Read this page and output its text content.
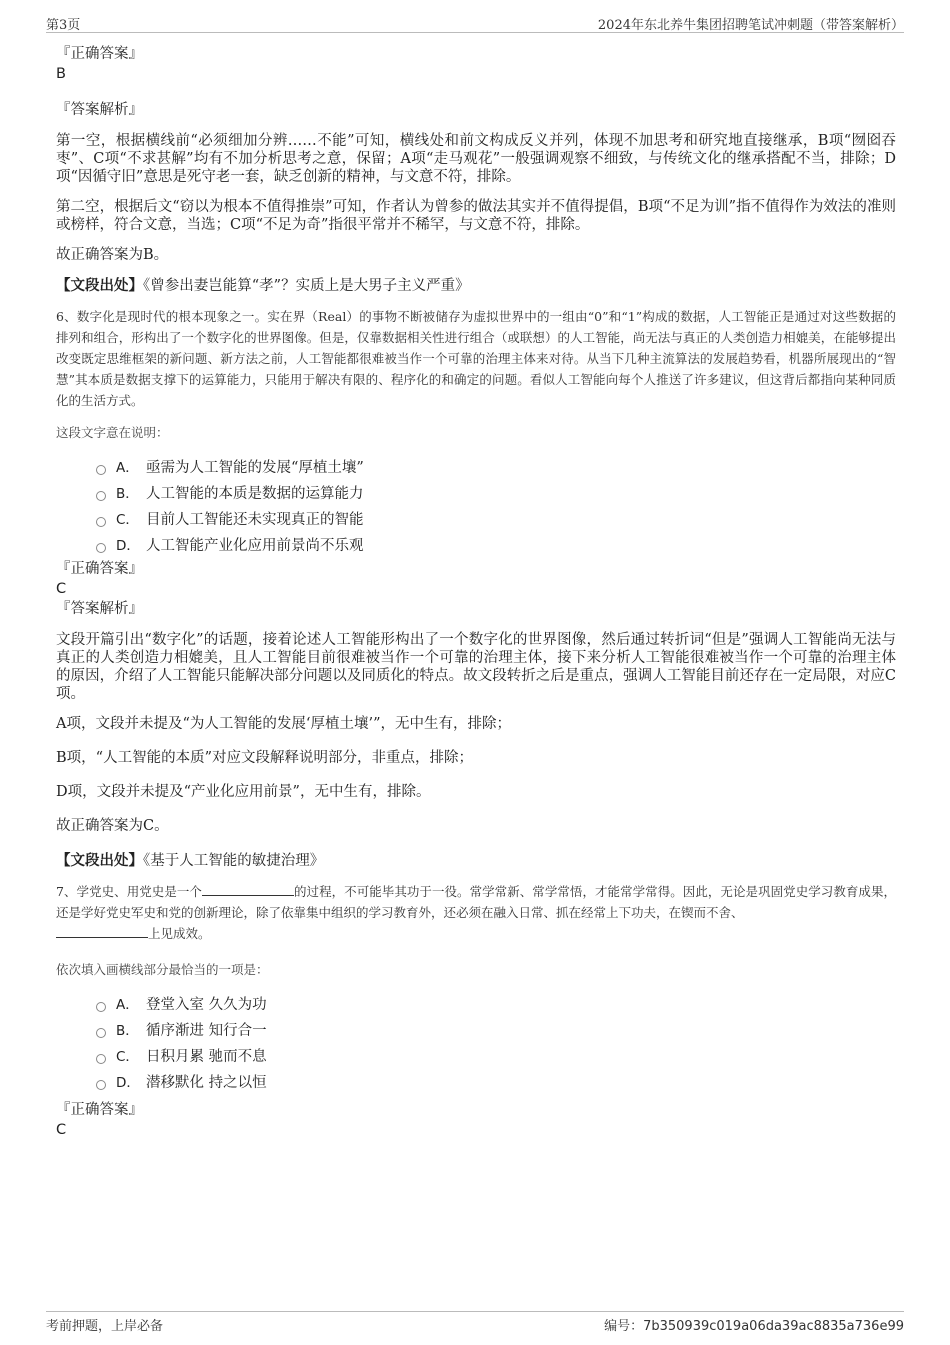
第3页	2024年东北养牛集团招聘笔试冲刺题（带答案解析）

『正确答案』

B

『答案解析』

第一空，根据横线前“必须细加分辨……不能”可知，横线处和前文构成反义并列，体现不加思考和研究地直接继承，B项“囫囵吞枣”、C项“不求甚解”均有不加分析思考之意，保留；A项“走马观花”一般强调观察不细致，与传统文化的继承搭配不当，排除；D项“因循守旧”意思是死守老一套，缺乏创新的精神，与文意不符，排除。

第二空，根据后文“窃以为根本不值得推崇”可知，作者认为曾参的做法其实并不值得提倡，B项“不足为训”指不值得作为效法的准则或榜样，符合文意，当选；C项“不足为奇”指很平常并不稀罕，与文意不符，排除。

故正确答案为B。

【文段出处】《曾参出妻岂能算“孝”？实质上是大男子主义严重》

6、数字化是现时代的根本现象之一。实在界（Real）的事物不断被储存为虚拟世界中的一组由“0”和“1”构成的数据，人工智能正是通过对这些数据的排列和组合，形构出了一个数字化的世界图像。但是，仅靠数据相关性进行组合（或联想）的人工智能，尚无法与真正的人类创造力相媲美，在能够提出改变既定思维框架的新问题、新方法之前，人工智能都很难被当作一个可靠的治理主体来对待。从当下几种主流算法的发展趋势看，机器所展现出的“智慧”其本质是数据支撑下的运算能力，只能用于解决有限的、程序化的和确定的问题。看似人工智能向每个人推送了许多建议，但这背后都指向某种同质化的生活方式。

这段文字意在说明：

A． 亟需为人工智能的发展“厚植土壤”
B． 人工智能的本质是数据的运算能力
C． 目前人工智能还未实现真正的智能
D． 人工智能产业化应用前景尚不乐观

『正确答案』

C

『答案解析』

文段开篇引出“数字化”的话题，接着论述人工智能形构出了一个数字化的世界图像，然后通过转折词“但是”强调人工智能尚无法与真正的人类创造力相媲美，且人工智能目前很难被当作一个可靠的治理主体，接下来分析人工智能很难被当作一个可靠的治理主体的原因，介绍了人工智能只能解决部分问题以及同质化的特点。故文段转折之后是重点，强调人工智能目前还存在一定局限，对应C项。

A项，文段并未提及“为人工智能的发展‘厚植土壤’”，无中生有，排除；

B项，“人工智能的本质”对应文段解释说明部分，非重点，排除；

D项，文段并未提及“产业化应用前景”，无中生有，排除。

故正确答案为C。

【文段出处】《基于人工智能的敏捷治理》

7、学党史、用党史是一个	的过程，不可能毕其功于一役。常学常新、常学常悟，才能常学常得。因此，无论是巩固党史学习教育成果，还是学好党史军史和党的创新理论，除了依靠集中组织的学习教育外，还必须在融入日常、抓在经常上下功夫，在锲而不舍、
上见成效。

依次填入画横线部分最恰当的一项是：

A． 登堂入室 久久为功
B． 循序渐进 知行合一
C． 日积月累 驰而不息
D． 潜移默化 持之以恒

『正确答案』

C

考前押题，上岸必备	编号：7b350939c019a06da39ac8835a736e99
